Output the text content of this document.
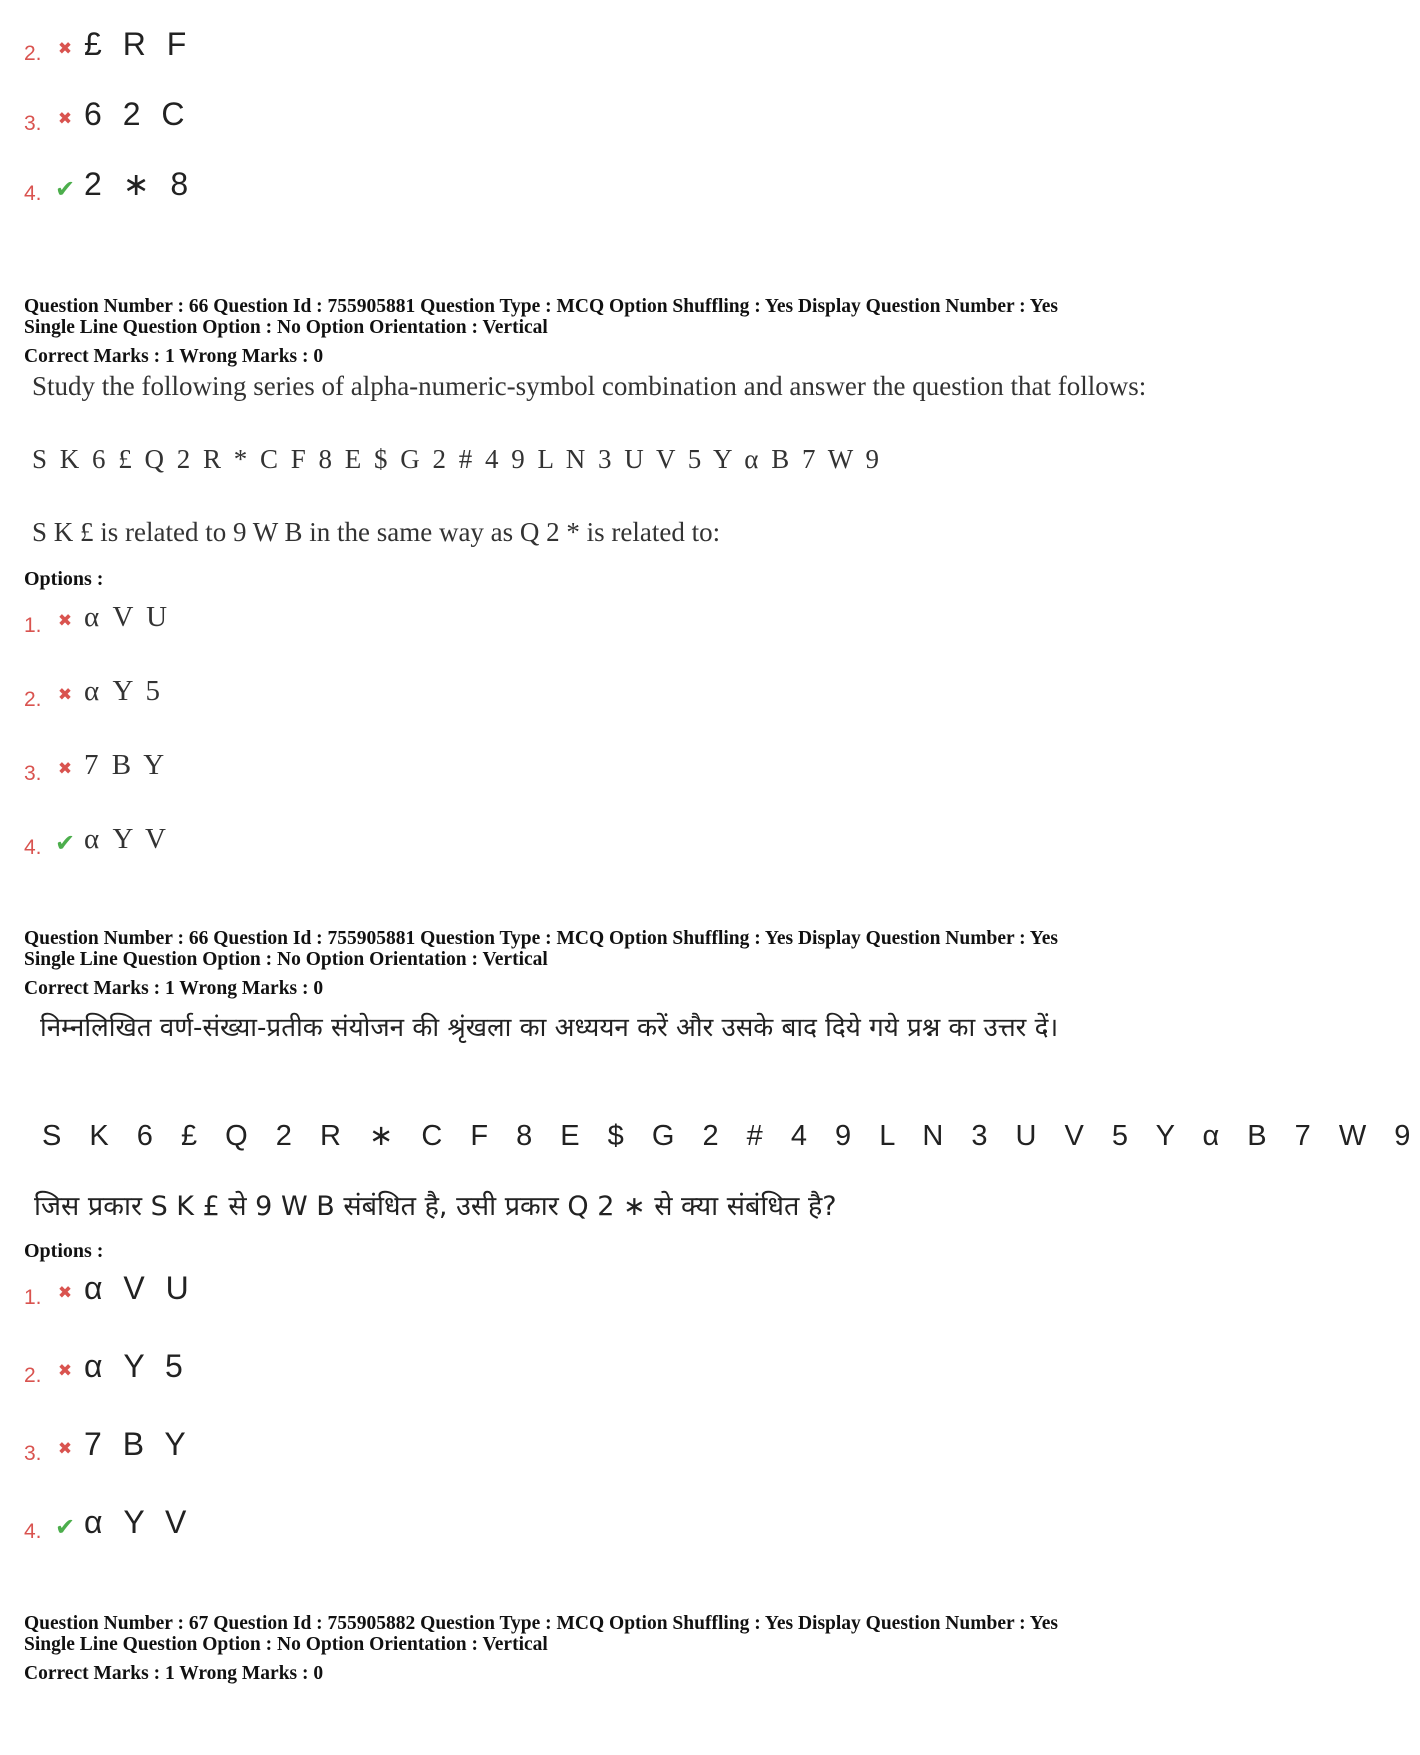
2. ✖ £ R F
3. ✖ 6 2 C
4. ✔ 2 ∗ 8
Question Number : 66 Question Id : 755905881 Question Type : MCQ Option Shuffling : Yes Display Question Number : Yes
Single Line Question Option : No Option Orientation : Vertical
Correct Marks : 1 Wrong Marks : 0
Study the following series of alpha-numeric-symbol combination and answer the question that follows:
S K 6 £ Q 2 R * C F 8 E $ G 2 # 4 9 L N 3 U V 5 Y α B 7 W 9
S K £ is related to 9 W B in the same way as Q 2 * is related to:
Options :
1. ✖ α V U
2. ✖ α Y 5
3. ✖ 7 B Y
4. ✔ α Y V
Question Number : 66 Question Id : 755905881 Question Type : MCQ Option Shuffling : Yes Display Question Number : Yes
Single Line Question Option : No Option Orientation : Vertical
Correct Marks : 1 Wrong Marks : 0
निम्नलिखित वर्ण-संख्या-प्रतीक संयोजन की श्रृंखला का अध्ययन करें और उसके बाद दिये गये प्रश्न का उत्तर दें।
S K 6 £ Q 2 R ∗ C F 8 E $ G 2 # 4 9 L N 3 U V 5 Y α B 7 W 9
जिस प्रकार S K £ से 9 W B संबंधित है, उसी प्रकार Q 2 ∗ से क्या संबंधित है?
Options :
1. ✖ α V U
2. ✖ α Y 5
3. ✖ 7 B Y
4. ✔ α Y V
Question Number : 67 Question Id : 755905882 Question Type : MCQ Option Shuffling : Yes Display Question Number : Yes
Single Line Question Option : No Option Orientation : Vertical
Correct Marks : 1 Wrong Marks : 0
